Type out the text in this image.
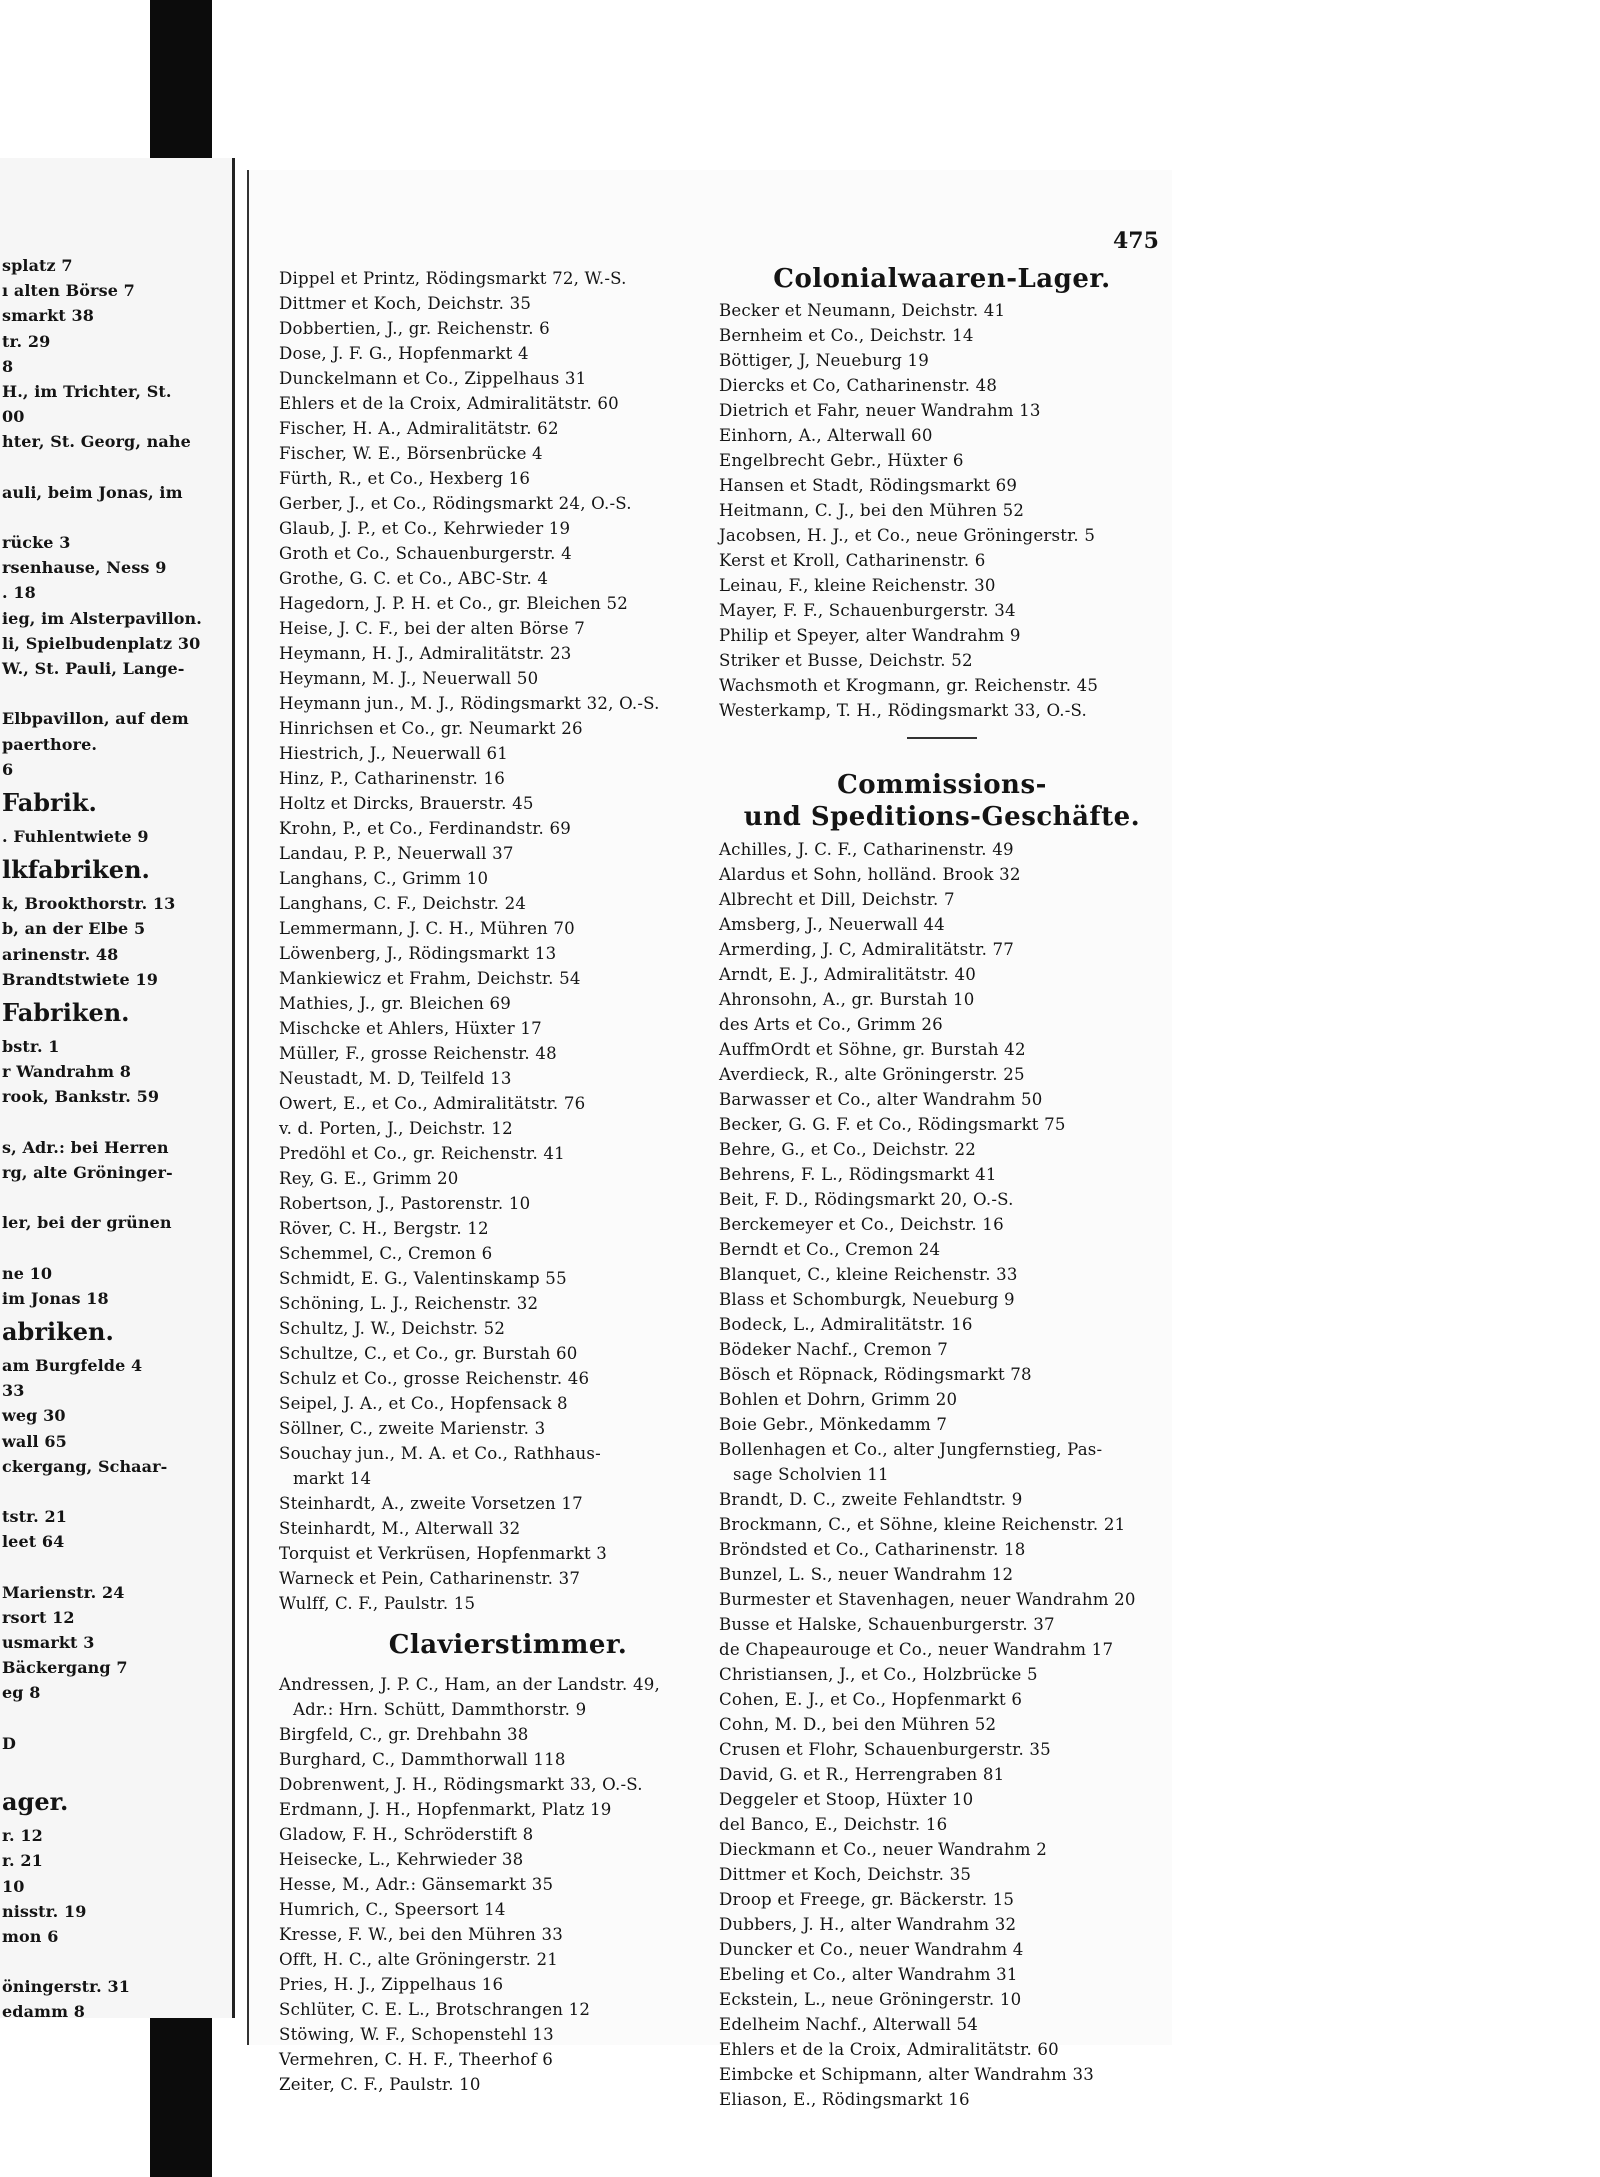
splatz 7
ı alten Börse 7
smarkt 38
tr. 29
8
H., im Trichter, St.
00
hter, St. Georg, nahe
auli, beim Jonas, im
rücke 3
rsenhause, Ness 9
. 18
ieg, im Alsterpavillon.
li, Spielbudenplatz 30
W., St. Pauli, Lange-
Elbpavillon, auf dem
paerthore.
6
Fabrik.
. Fuhlentwiete 9
lkfabriken.
k, Brookthorstr. 13
b, an der Elbe 5
arinenstr. 48
Brandtstwiete 19
Fabriken.
bstr. 1
r Wandrahm 8
rook, Bankstr. 59
s, Adr.: bei Herren
rg, alte Gröninger-
ler, bei der grünen
ne 10
im Jonas 18
abriken.
am Burgfelde 4
33
weg 30
wall 65
ckergang, Schaar-
tstr. 21
leet 64
Marienstr. 24
rsort 12
usmarkt 3
Bäckergang 7
eg 8
D
ager.
r. 12
r. 21
10
nisstr. 19
mon 6
öningerstr. 31
edamm 8
475
Dippel et Printz, Rödingsmarkt 72, W.-S.
Dittmer et Koch, Deichstr. 35
Dobbertien, J., gr. Reichenstr. 6
Dose, J. F. G., Hopfenmarkt 4
Dunckelmann et Co., Zippelhaus 31
Ehlers et de la Croix, Admiralitätstr. 60
Fischer, H. A., Admiralitätstr. 62
Fischer, W. E., Börsenbrücke 4
Fürth, R., et Co., Hexberg 16
Gerber, J., et Co., Rödingsmarkt 24, O.-S.
Glaub, J. P., et Co., Kehrwieder 19
Groth et Co., Schauenburgerstr. 4
Grothe, G. C. et Co., ABC-Str. 4
Hagedorn, J. P. H. et Co., gr. Bleichen 52
Heise, J. C. F., bei der alten Börse 7
Heymann, H. J., Admiralitätstr. 23
Heymann, M. J., Neuerwall 50
Heymann jun., M. J., Rödingsmarkt 32, O.-S.
Hinrichsen et Co., gr. Neumarkt 26
Hiestrich, J., Neuerwall 61
Hinz, P., Catharinenstr. 16
Holtz et Dircks, Brauerstr. 45
Krohn, P., et Co., Ferdinandstr. 69
Landau, P. P., Neuerwall 37
Langhans, C., Grimm 10
Langhans, C. F., Deichstr. 24
Lemmermann, J. C. H., Mühren 70
Löwenberg, J., Rödingsmarkt 13
Mankiewicz et Frahm, Deichstr. 54
Mathies, J., gr. Bleichen 69
Mischcke et Ahlers, Hüxter 17
Müller, F., grosse Reichenstr. 48
Neustadt, M. D, Teilfeld 13
Owert, E., et Co., Admiralitätstr. 76
v. d. Porten, J., Deichstr. 12
Predöhl et Co., gr. Reichenstr. 41
Rey, G. E., Grimm 20
Robertson, J., Pastorenstr. 10
Röver, C. H., Bergstr. 12
Schemmel, C., Cremon 6
Schmidt, E. G., Valentinskamp 55
Schöning, L. J., Reichenstr. 32
Schultz, J. W., Deichstr. 52
Schultze, C., et Co., gr. Burstah 60
Schulz et Co., grosse Reichenstr. 46
Seipel, J. A., et Co., Hopfensack 8
Söllner, C., zweite Marienstr. 3
Souchay jun., M. A. et Co., Rathhaus-
markt 14
Steinhardt, A., zweite Vorsetzen 17
Steinhardt, M., Alterwall 32
Torquist et Verkrüsen, Hopfenmarkt 3
Warneck et Pein, Catharinenstr. 37
Wulff, C. F., Paulstr. 15
Clavierstimmer.
Andressen, J. P. C., Ham, an der Landstr. 49,
Adr.: Hrn. Schütt, Dammthorstr. 9
Birgfeld, C., gr. Drehbahn 38
Burghard, C., Dammthorwall 118
Dobrenwent, J. H., Rödingsmarkt 33, O.-S.
Erdmann, J. H., Hopfenmarkt, Platz 19
Gladow, F. H., Schröderstift 8
Heisecke, L., Kehrwieder 38
Hesse, M., Adr.: Gänsemarkt 35
Humrich, C., Speersort 14
Kresse, F. W., bei den Mühren 33
Offt, H. C., alte Gröningerstr. 21
Pries, H. J., Zippelhaus 16
Schlüter, C. E. L., Brotschrangen 12
Stöwing, W. F., Schopenstehl 13
Vermehren, C. H. F., Theerhof 6
Zeiter, C. F., Paulstr. 10
Colonialwaaren-Lager.
Becker et Neumann, Deichstr. 41
Bernheim et Co., Deichstr. 14
Böttiger, J, Neueburg 19
Diercks et Co, Catharinenstr. 48
Dietrich et Fahr, neuer Wandrahm 13
Einhorn, A., Alterwall 60
Engelbrecht Gebr., Hüxter 6
Hansen et Stadt, Rödingsmarkt 69
Heitmann, C. J., bei den Mühren 52
Jacobsen, H. J., et Co., neue Gröningerstr. 5
Kerst et Kroll, Catharinenstr. 6
Leinau, F., kleine Reichenstr. 30
Mayer, F. F., Schauenburgerstr. 34
Philip et Speyer, alter Wandrahm 9
Striker et Busse, Deichstr. 52
Wachsmoth et Krogmann, gr. Reichenstr. 45
Westerkamp, T. H., Rödingsmarkt 33, O.-S.
Commissions-
und Speditions-Geschäfte.
Achilles, J. C. F., Catharinenstr. 49
Alardus et Sohn, holländ. Brook 32
Albrecht et Dill, Deichstr. 7
Amsberg, J., Neuerwall 44
Armerding, J. C, Admiralitätstr. 77
Arndt, E. J., Admiralitätstr. 40
Ahronsohn, A., gr. Burstah 10
des Arts et Co., Grimm 26
AuffmOrdt et Söhne, gr. Burstah 42
Averdieck, R., alte Gröningerstr. 25
Barwasser et Co., alter Wandrahm 50
Becker, G. G. F. et Co., Rödingsmarkt 75
Behre, G., et Co., Deichstr. 22
Behrens, F. L., Rödingsmarkt 41
Beit, F. D., Rödingsmarkt 20, O.-S.
Berckemeyer et Co., Deichstr. 16
Berndt et Co., Cremon 24
Blanquet, C., kleine Reichenstr. 33
Blass et Schomburgk, Neueburg 9
Bodeck, L., Admiralitätstr. 16
Bödeker Nachf., Cremon 7
Bösch et Röpnack, Rödingsmarkt 78
Bohlen et Dohrn, Grimm 20
Boie Gebr., Mönkedamm 7
Bollenhagen et Co., alter Jungfernstieg, Pas-
sage Scholvien 11
Brandt, D. C., zweite Fehlandtstr. 9
Brockmann, C., et Söhne, kleine Reichenstr. 21
Bröndsted et Co., Catharinenstr. 18
Bunzel, L. S., neuer Wandrahm 12
Burmester et Stavenhagen, neuer Wandrahm 20
Busse et Halske, Schauenburgerstr. 37
de Chapeaurouge et Co., neuer Wandrahm 17
Christiansen, J., et Co., Holzbrücke 5
Cohen, E. J., et Co., Hopfenmarkt 6
Cohn, M. D., bei den Mühren 52
Crusen et Flohr, Schauenburgerstr. 35
David, G. et R., Herrengraben 81
Deggeler et Stoop, Hüxter 10
del Banco, E., Deichstr. 16
Dieckmann et Co., neuer Wandrahm 2
Dittmer et Koch, Deichstr. 35
Droop et Freege, gr. Bäckerstr. 15
Dubbers, J. H., alter Wandrahm 32
Duncker et Co., neuer Wandrahm 4
Ebeling et Co., alter Wandrahm 31
Eckstein, L., neue Gröningerstr. 10
Edelheim Nachf., Alterwall 54
Ehlers et de la Croix, Admiralitätstr. 60
Eimbcke et Schipmann, alter Wandrahm 33
Eliason, E., Rödingsmarkt 16
